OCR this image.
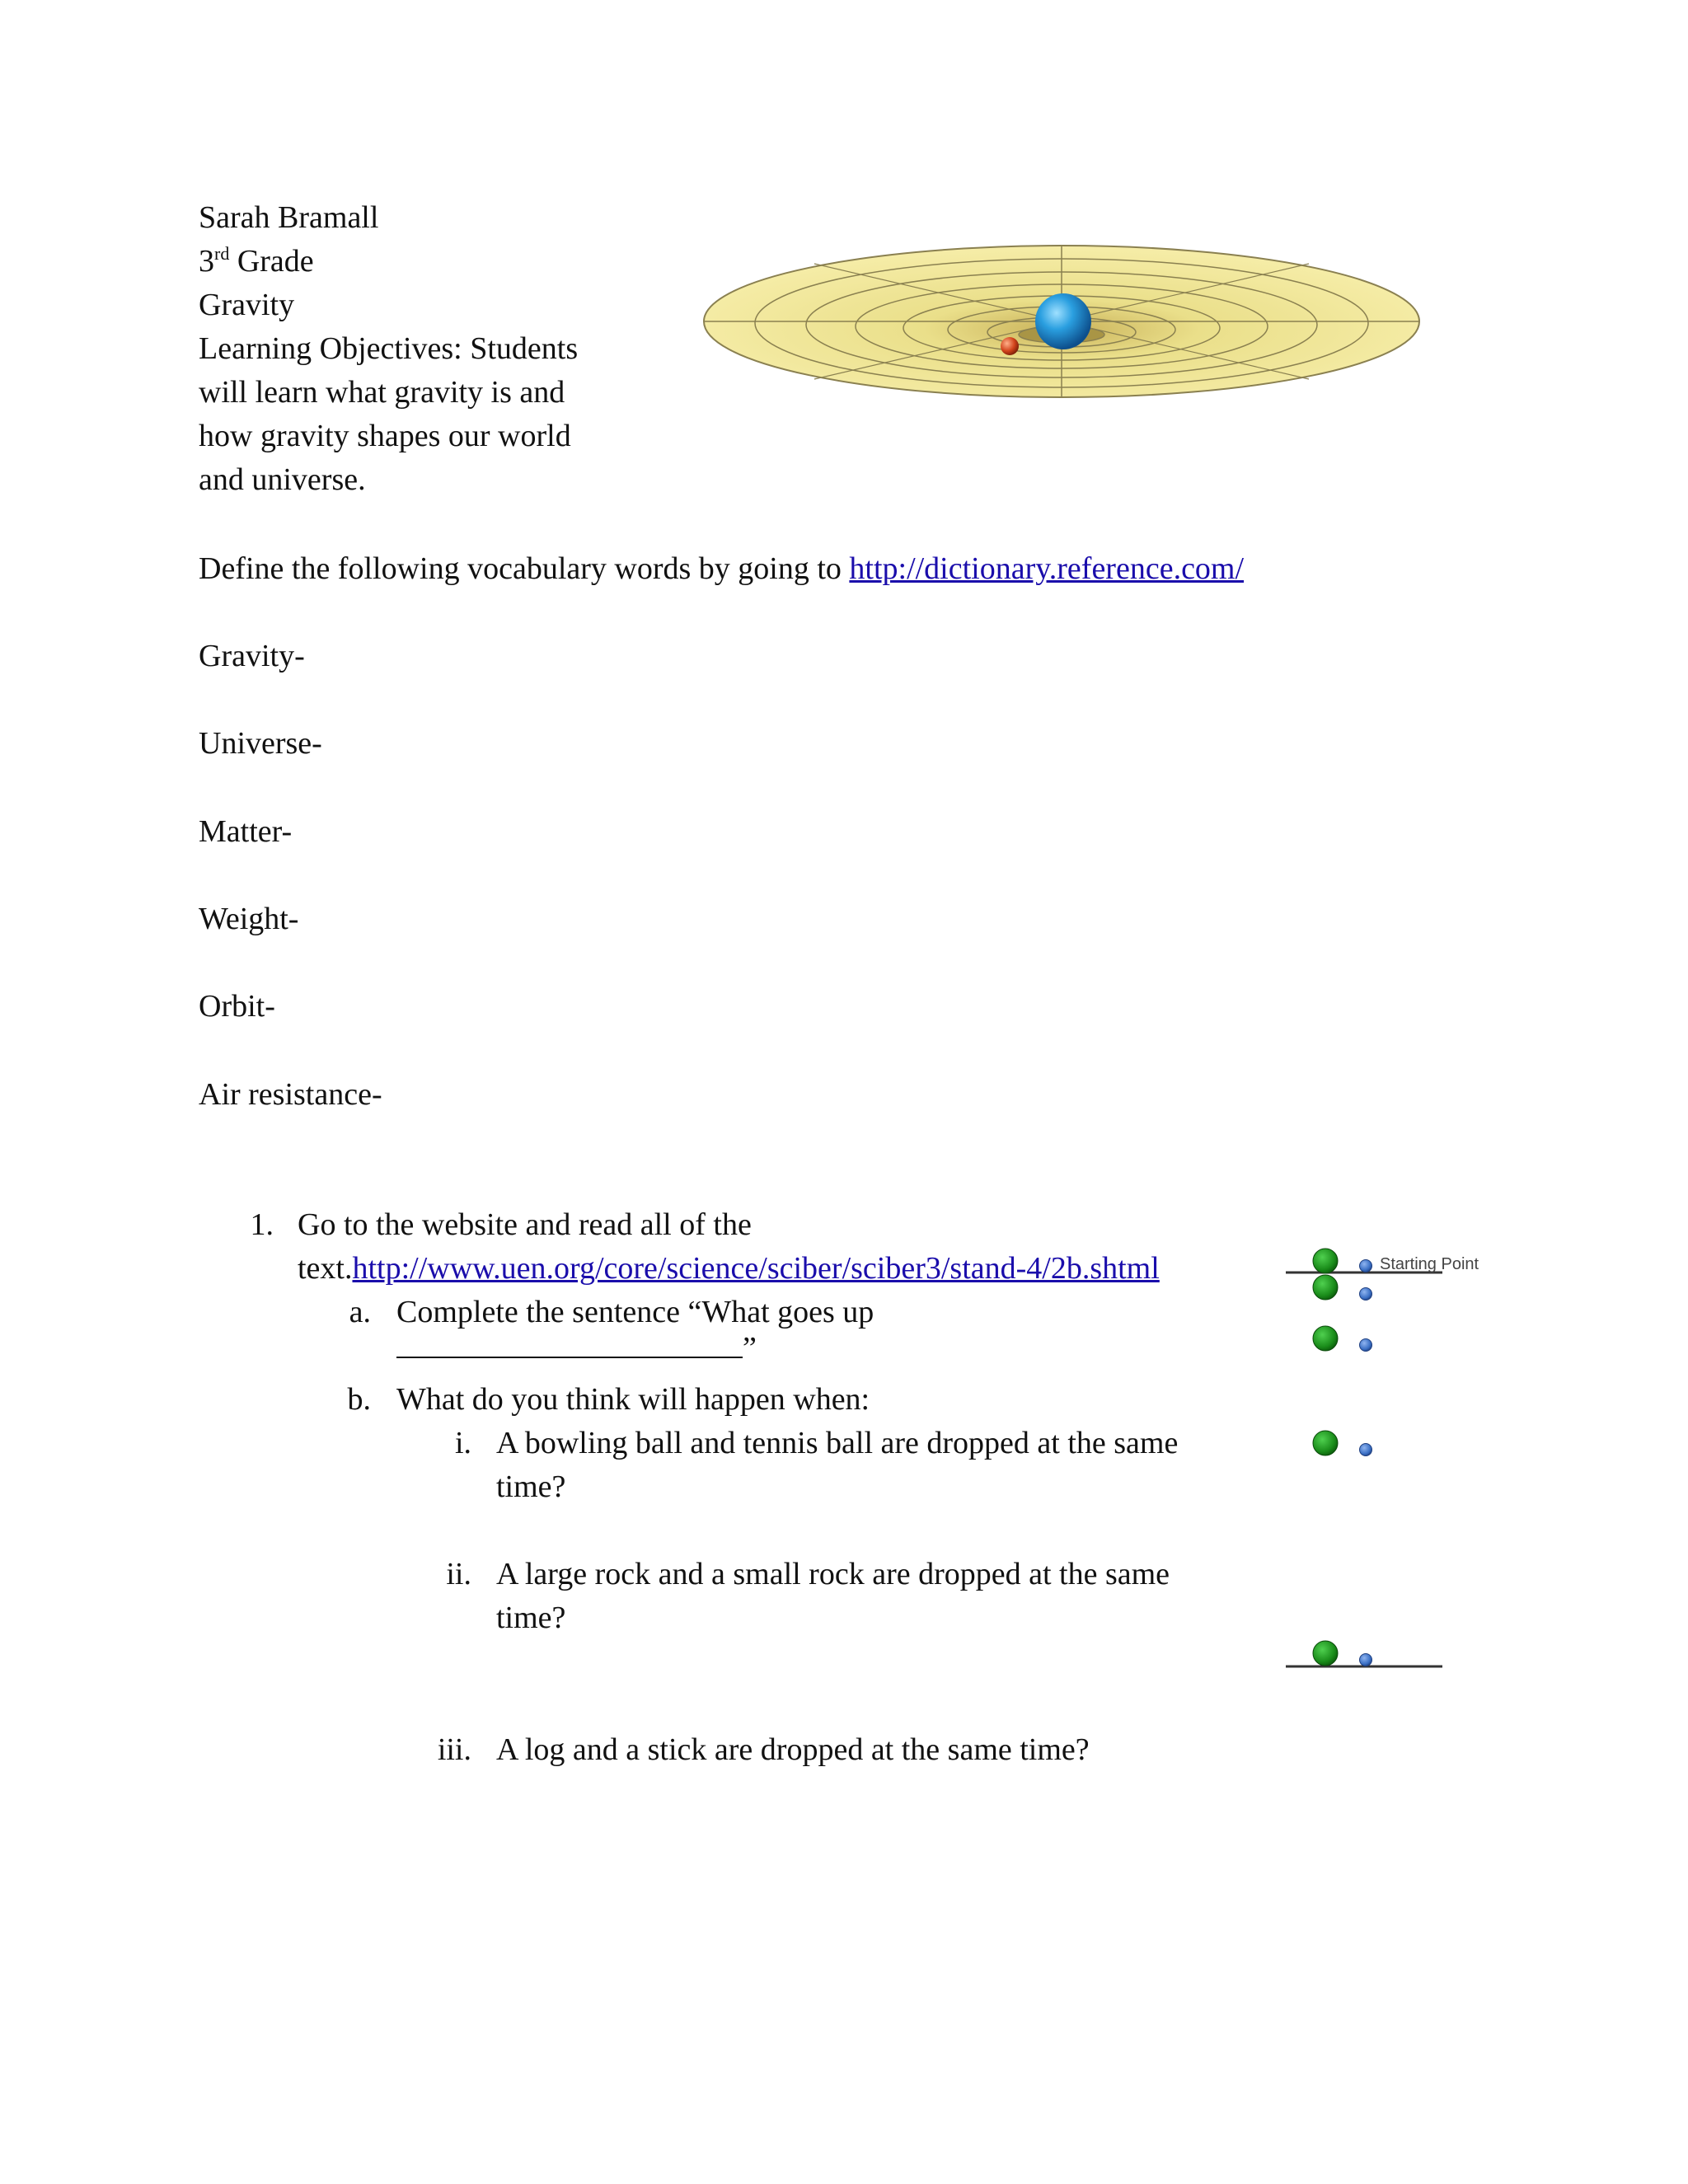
Sarah Bramall

3rd Grade

Gravity

Learning Objectives: Students

will learn what gravity is and

how gravity shapes our world

and universe.

Define the following vocabulary words by going to http://dictionary.reference.com/

Gravity-

Universe-

Matter-

Weight-

Orbit-

Air resistance-

1. Go to the website and read all of the

text.http://www.uen.org/core/science/sciber/sciber3/stand-4/2b.shtml

a. Complete the sentence “What goes up

”

b. What do you think will happen when:

i. A bowling ball and tennis ball are dropped at the same

time?

ii. A large rock and a small rock are dropped at the same

time?

iii. A log and a stick are dropped at the same time?

Starting Point
